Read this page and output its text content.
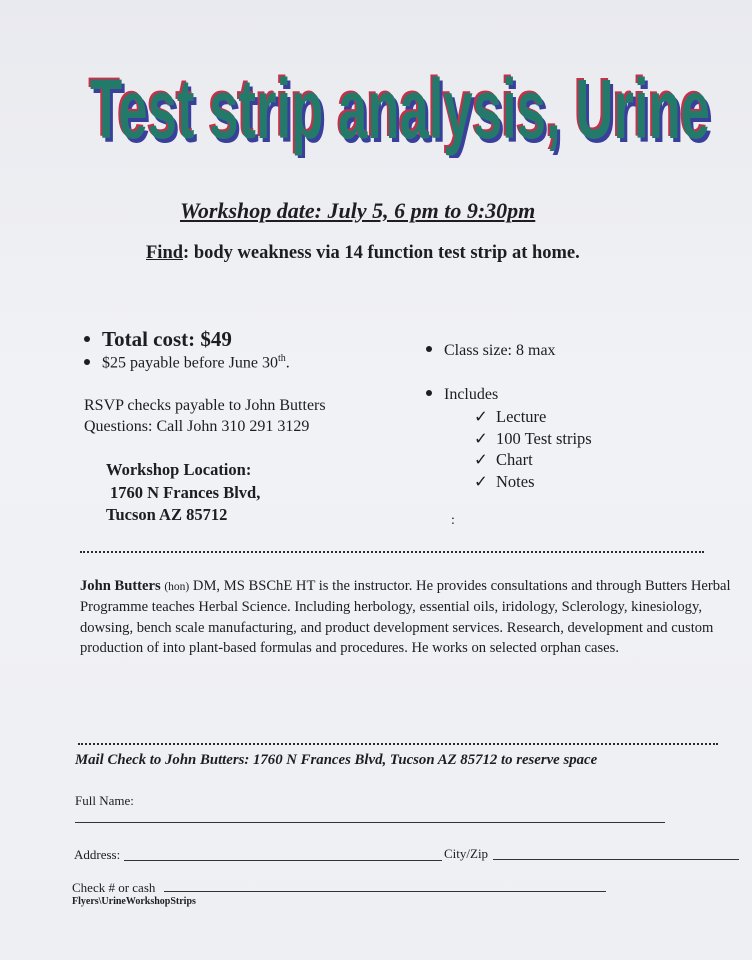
Test strip analysis, Urine
Test strip analysis, Urine
Test strip analysis, Urine
Workshop date: July 5, 6 pm to 9:30pm
Find: body weakness via 14 function test strip at home.
Total cost: $49
$25 payable before June 30th.
Class size: 8 max
Includes
✓ Lecture
✓ 100 Test strips
✓ Chart
✓ Notes
RSVP checks payable to John Butters
Questions: Call John 310 291 3129
Workshop Location:
1760 N Frances Blvd,
Tucson AZ 85712	:
John Butters (hon) DM, MS BSChE HT is the instructor. He provides consultations and through Butters Herbal Programme teaches Herbal Science. Including herbology, essential oils, iridology, Sclerology, kinesiology, dowsing, bench scale manufacturing, and product development services. Research, development and custom production of into plant-based formulas and procedures. He works on selected orphan cases.
Mail Check to John Butters: 1760 N Frances Blvd, Tucson AZ 85712 to reserve space
Full Name:
Address:	City/Zip
Check # or cash
Flyers\UrineWorkshopStrips
